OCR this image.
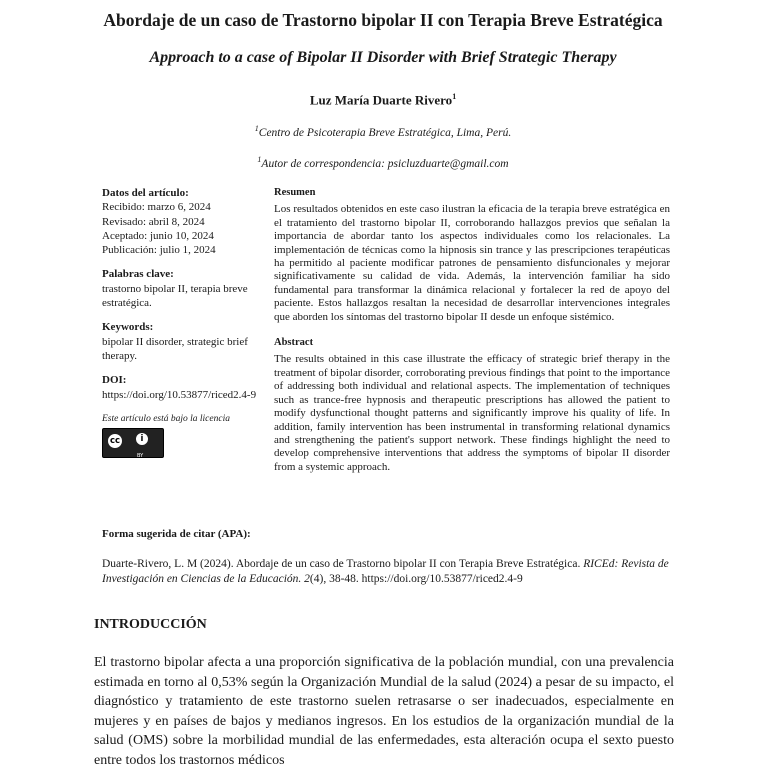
Abordaje de un caso de Trastorno bipolar II con Terapia Breve Estratégica
Approach to a case of Bipolar II Disorder with Brief Strategic Therapy
Luz María Duarte Rivero$^1$
$^1$Centro de Psicoterapia Breve Estratégica, Lima, Perú.
$^1$Autor de correspondencia: psicluzduarte@gmail.com
Datos del artículo:
Recibido: marzo 6, 2024
Revisado: abril 8, 2024
Aceptado: junio 10, 2024
Publicación: julio 1, 2024
Palabras clave:
trastorno bipolar II, terapia breve estratégica.
Keywords:
bipolar II disorder, strategic brief therapy.
DOI:
https://doi.org/10.53877/riced2.4-9
Este artículo está bajo la licencia
cc	i
BY
Resumen

Los resultados obtenidos en este caso ilustran la eficacia de la terapia breve estratégica en el tratamiento del trastorno bipolar II, corroborando hallazgos previos que señalan la importancia de abordar tanto los aspectos individuales como los relacionales. La implementación de técnicas como la hipnosis sin trance y las prescripciones terapéuticas ha permitido al paciente modificar patrones de pensamiento disfuncionales y mejorar significativamente su calidad de vida. Además, la intervención familiar ha sido fundamental para transformar la dinámica relacional y fortalecer la red de apoyo del paciente. Estos hallazgos resaltan la necesidad de desarrollar intervenciones integrales que aborden los síntomas del trastorno bipolar II desde un enfoque sistémico.

Abstract

The results obtained in this case illustrate the efficacy of strategic brief therapy in the treatment of bipolar disorder, corroborating previous findings that point to the importance of addressing both individual and relational aspects. The implementation of techniques such as trance-free hypnosis and therapeutic prescriptions has allowed the patient to modify dysfunctional thought patterns and significantly improve his quality of life. In addition, family intervention has been instrumental in transforming relational dynamics and strengthening the patient's support network. These findings highlight the need to develop comprehensive interventions that address the symptoms of bipolar II disorder from a systemic approach.

Forma sugerida de citar (APA):
Duarte-Rivero, L. M (2024). Abordaje de un caso de Trastorno bipolar II con Terapia Breve Estratégica. RICEd: Revista de Investigación en Ciencias de la Educación. 2(4), 38-48. https://doi.org/10.53877/riced2.4-9
INTRODUCCIÓN

El trastorno bipolar afecta a una proporción significativa de la población mundial, con una prevalencia estimada en torno al 0,53% según la Organización Mundial de la salud (2024) a pesar de su impacto, el diagnóstico y tratamiento de este trastorno suelen retrasarse o ser inadecuados, especialmente en mujeres y en países de bajos y medianos ingresos. En los estudios de la organización mundial de la salud (OMS) sobre la morbilidad mundial de las enfermedades, esta alteración ocupa el sexto puesto entre todos los trastornos médicos
